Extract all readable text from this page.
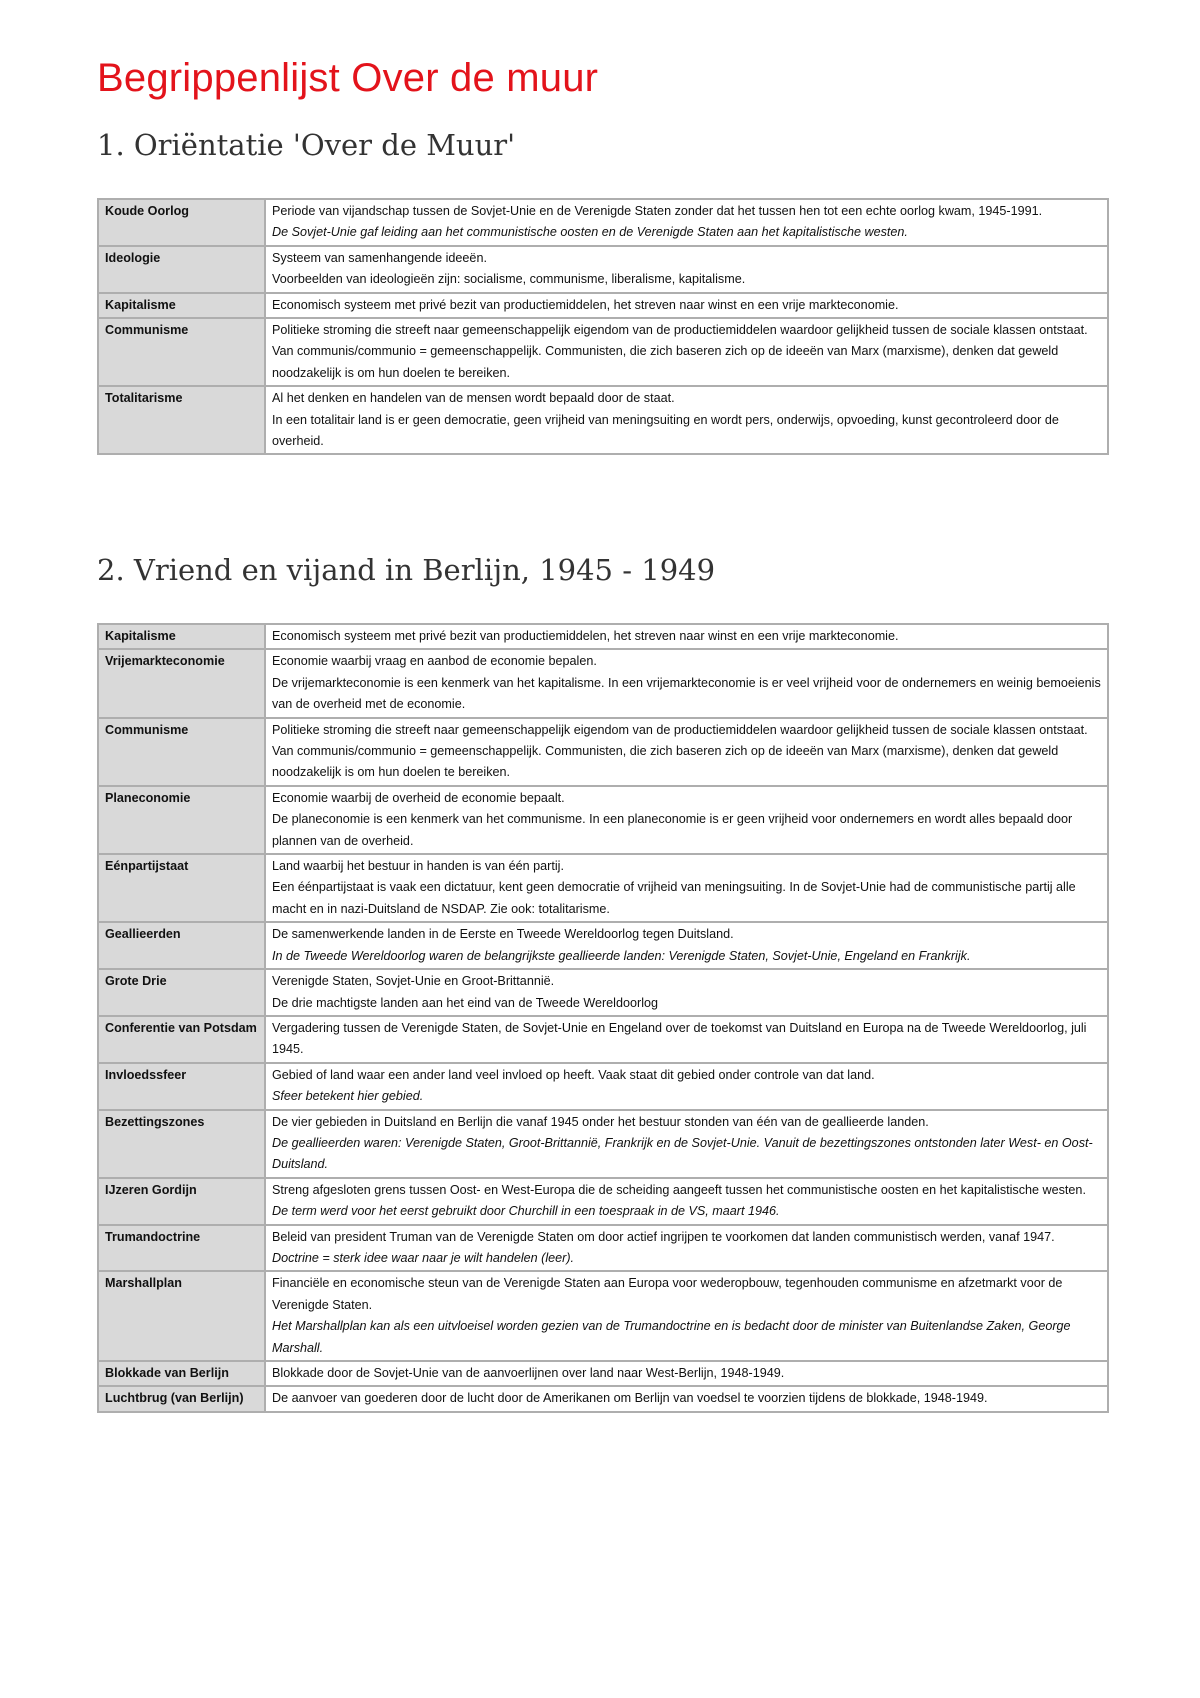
Begrippenlijst Over de muur
1. Oriëntatie 'Over de Muur'
Koude Oorlog	Periode van vijandschap tussen de Sovjet-Unie en de Verenigde Staten zonder dat het tussen hen tot een echte oorlog kwam, 1945-1991.
De Sovjet-Unie gaf leiding aan het communistische oosten en de Verenigde Staten aan het kapitalistische westen.

Ideologie	Systeem van samenhangende ideeën.
Voorbeelden van ideologieën zijn: socialisme, communisme, liberalisme, kapitalisme.

Kapitalisme	Economisch systeem met privé bezit van productiemiddelen, het streven naar winst en een vrije markteconomie.

Communisme	Politieke stroming die streeft naar gemeenschappelijk eigendom van de productiemiddelen waardoor gelijkheid tussen de sociale klassen ontstaat.
Van communis/communio = gemeenschappelijk. Communisten, die zich baseren zich op de ideeën van Marx (marxisme), denken dat geweld noodzakelijk is om hun doelen te bereiken.

Totalitarisme	Al het denken en handelen van de mensen wordt bepaald door de staat.
In een totalitair land is er geen democratie, geen vrijheid van meningsuiting en wordt pers, onderwijs, opvoeding, kunst gecontroleerd door de overheid.
2. Vriend en vijand in Berlijn, 1945 - 1949
Kapitalisme	Economisch systeem met privé bezit van productiemiddelen, het streven naar winst en een vrije markteconomie.

Vrijemarkteconomie	Economie waarbij vraag en aanbod de economie bepalen.
De vrijemarkteconomie is een kenmerk van het kapitalisme. In een vrijemarkteconomie is er veel vrijheid voor de ondernemers en weinig bemoeienis van de overheid met de economie.

Communisme	Politieke stroming die streeft naar gemeenschappelijk eigendom van de productiemiddelen waardoor gelijkheid tussen de sociale klassen ontstaat.
Van communis/communio = gemeenschappelijk. Communisten, die zich baseren zich op de ideeën van Marx (marxisme), denken dat geweld noodzakelijk is om hun doelen te bereiken.

Planeconomie	Economie waarbij de overheid de economie bepaalt.
De planeconomie is een kenmerk van het communisme. In een planeconomie is er geen vrijheid voor ondernemers en wordt alles bepaald door plannen van de overheid.

Eénpartijstaat	Land waarbij het bestuur in handen is van één partij.
Een éénpartijstaat is vaak een dictatuur, kent geen democratie of vrijheid van meningsuiting. In de Sovjet-Unie had de communistische partij alle macht en in nazi-Duitsland de NSDAP. Zie ook: totalitarisme.

Geallieerden	De samenwerkende landen in de Eerste en Tweede Wereldoorlog tegen Duitsland.
In de Tweede Wereldoorlog waren de belangrijkste geallieerde landen: Verenigde Staten, Sovjet-Unie, Engeland en Frankrijk.

Grote Drie	Verenigde Staten, Sovjet-Unie en Groot-Brittannië.
De drie machtigste landen aan het eind van de Tweede Wereldoorlog

Conferentie van Potsdam	Vergadering tussen de Verenigde Staten, de Sovjet-Unie en Engeland over de toekomst van Duitsland en Europa na de Tweede Wereldoorlog, juli 1945.

Invloedssfeer	Gebied of land waar een ander land veel invloed op heeft. Vaak staat dit gebied onder controle van dat land.
Sfeer betekent hier gebied.

Bezettingszones	De vier gebieden in Duitsland en Berlijn die vanaf 1945 onder het bestuur stonden van één van de geallieerde landen.
De geallieerden waren: Verenigde Staten, Groot-Brittannië, Frankrijk en de Sovjet-Unie. Vanuit de bezettingszones ontstonden later West- en Oost-Duitsland.

IJzeren Gordijn	Streng afgesloten grens tussen Oost- en West-Europa die de scheiding aangeeft tussen het communistische oosten en het kapitalistische westen.
De term werd voor het eerst gebruikt door Churchill in een toespraak in de VS, maart 1946.

Trumandoctrine	Beleid van president Truman van de Verenigde Staten om door actief ingrijpen te voorkomen dat landen communistisch werden, vanaf 1947.
Doctrine = sterk idee waar naar je wilt handelen (leer).

Marshallplan	Financiële en economische steun van de Verenigde Staten aan Europa voor wederopbouw, tegenhouden communisme en afzetmarkt voor de Verenigde Staten.
Het Marshallplan kan als een uitvloeisel worden gezien van de Trumandoctrine en is bedacht door de minister van Buitenlandse Zaken, George Marshall.

Blokkade van Berlijn	Blokkade door de Sovjet-Unie van de aanvoerlijnen over land naar West-Berlijn, 1948-1949.

Luchtbrug (van Berlijn)	De aanvoer van goederen door de lucht door de Amerikanen om Berlijn van voedsel te voorzien tijdens de blokkade, 1948-1949.
